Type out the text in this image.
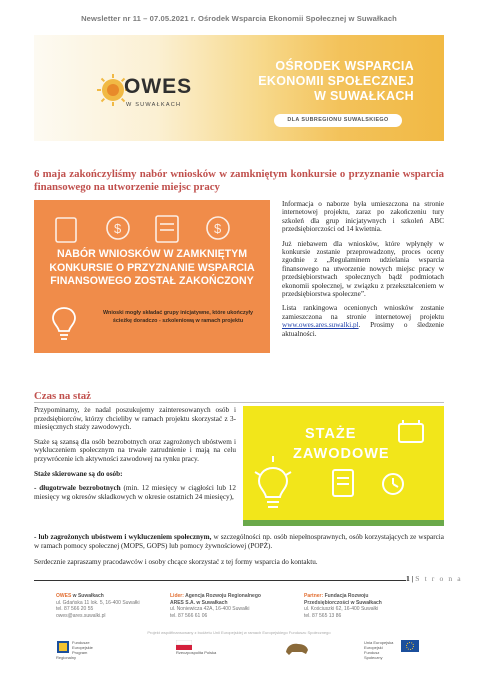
Newsletter nr 11 – 07.05.2021 r. Ośrodek Wsparcia Ekonomii Społecznej w Suwałkach
OWES
W SUWAŁKACH
OŚRODEK WSPARCIA
EKONOMII SPOŁECZNEJ
W SUWAŁKACH
DLA SUBREGIONU SUWALSKIEGO
6 maja zakończyliśmy nabór wniosków w zamkniętym konkursie o przyznanie wsparcia finansowego na utworzenie miejsc pracy
$	$
NABÓR WNIOSKÓW W ZAMKNIĘTYM KONKURSIE O PRZYZNANIE WSPARCIA FINANSOWEGO ZOSTAŁ ZAKOŃCZONY
Wnioski mogły składać grupy inicjatywne, które ukończyły ścieżkę doradczo - szkoleniową w ramach projektu

Informacja o naborze była umieszczona na stronie internetowej projektu, zaraz po zakończeniu tury szkoleń dla grup inicjatywnych i szkoleń ABC przedsiębiorczości od 14 kwietnia.

Już niebawem dla wniosków, które wpłynęły w konkursie zostanie przeprowadzony, proces oceny zgodnie z „Regulaminem udzielania wsparcia finansowego na utworzenie nowych miejsc pracy w przedsiębiorstwach społecznych bądź podmiotach ekonomii społecznej, w związku z przekształceniem w przedsiębiorstwa społeczne”.

Lista rankingowa ocenionych wniosków zostanie zamieszczona na stronie internetowej projektu www.owes.ares.suwalki.pl. Prosimy o śledzenie aktualności.

Czas na staż

Przypominamy, że nadal poszukujemy zainteresowanych osób i przedsiębiorców, którzy chcieliby w ramach projektu skorzystać z 3-miesięcznych staży zawodowych.

Staże są szansą dla osób bezrobotnych oraz zagrożonych ubóstwem i wykluczeniem społecznym na trwałe zatrudnienie i mają na celu przywrócenie ich aktywności zawodowej na rynku pracy.

Staże skierowane są do osób:

- długotrwale bezrobotnych (min. 12 miesięcy w ciągłości lub 12 miesięcy wg okresów składkowych w okresie ostatnich 24 miesięcy),

STAŻE
ZAWODOWE
- lub zagrożonych ubóstwem i wykluczeniem społecznym, w szczególności np. osób niepełnosprawnych, osób korzystających ze wsparcia w ramach pomocy społecznej (MOPS, GOPS) lub pomocy żywnościowej (POPŻ).
Serdecznie zapraszamy pracodawców i osoby chcące skorzystać z tej formy wsparcia do kontaktu.
1 | S t r o n a
OWES w Suwałkach
ul. Gdańska 11 lok. 5, 16-400 Suwałki
tel. 87 566 20 55
owes@ares.suwalki.pl
Lider: Agencja Rozwoju Regionalnego
ARES S.A. w Suwałkach
ul. Noniewicza 42A, 16-400 Suwałki
tel. 87 566 61 06
Partner: Fundacja Rozwoju
Przedsiębiorczości w Suwałkach
ul. Kościuszki 62, 16-400 Suwałki
tel. 87 565 13 86
Projekt współfinansowany z budżetu Unii Europejskiej w ramach Europejskiego Funduszu Społecznego
Fundusze Europejskie
Program Regionalny
Rzeczpospolita Polska
Unia Europejska
Europejski Fundusz Społeczny
